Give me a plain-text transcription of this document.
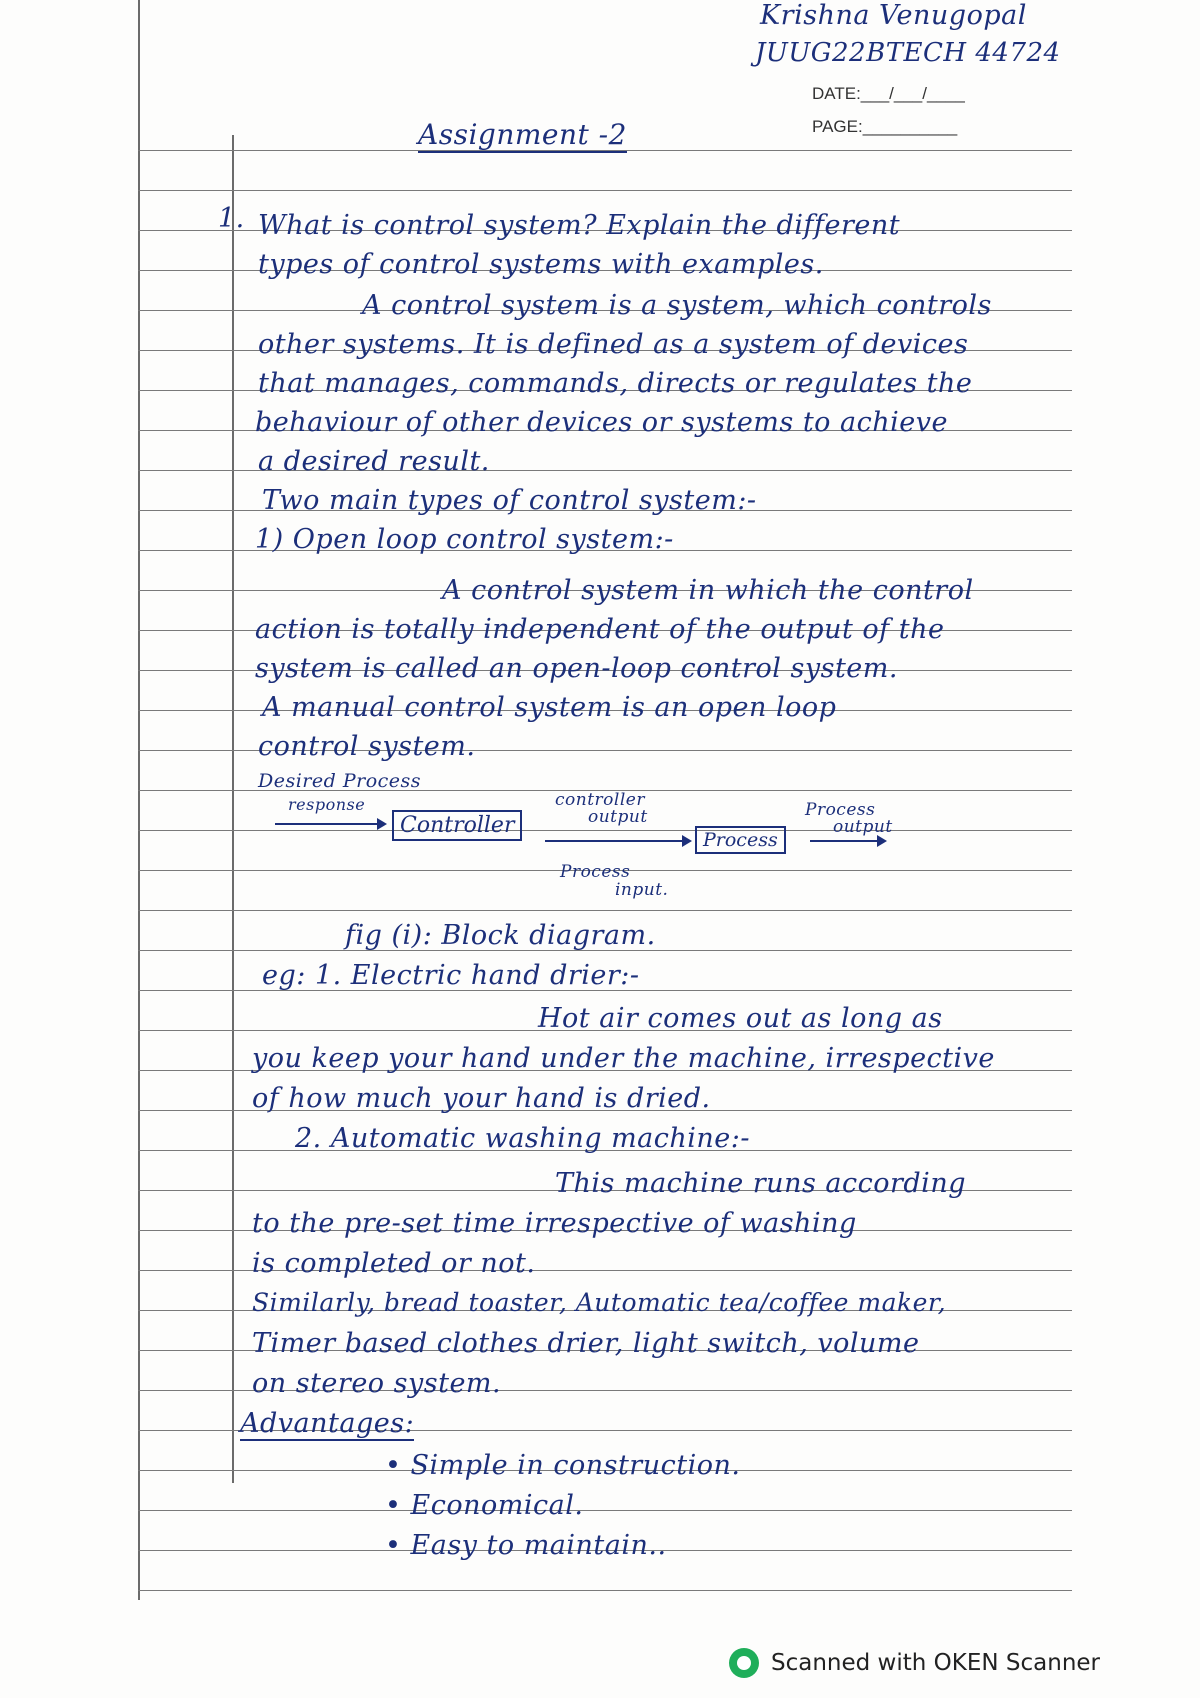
Krishna Venugopal
JUUG22BTECH 44724
DATE:___/___/____
PAGE:__________
Assignment -2
1. What is control system? Explain the different
types of control systems with examples.
A control system is a system, which controls
other systems. It is defined as a system of devices
that manages, commands, directs or regulates the
behaviour of other devices or systems to achieve
a desired result.
Two main types of control system:-
1) Open loop control system:-
A control system in which the control
action is totally independent of the output of the
system is called an open-loop control system.
A manual control system is an open loop
control system.
Desired Process
response
Controller
controller
output
Process
Process
output
Process
input.
fig (i): Block diagram.
eg: 1. Electric hand drier:-
Hot air comes out as long as
you keep your hand under the machine, irrespective
of how much your hand is dried.
2. Automatic washing machine:-
This machine runs according
to the pre-set time irrespective of washing
is completed or not.
Similarly, bread toaster, Automatic tea/coffee maker,
Timer based clothes drier, light switch, volume
on stereo system.
Advantages:
• Simple in construction.
• Economical.
• Easy to maintain..
Scanned with OKEN Scanner
